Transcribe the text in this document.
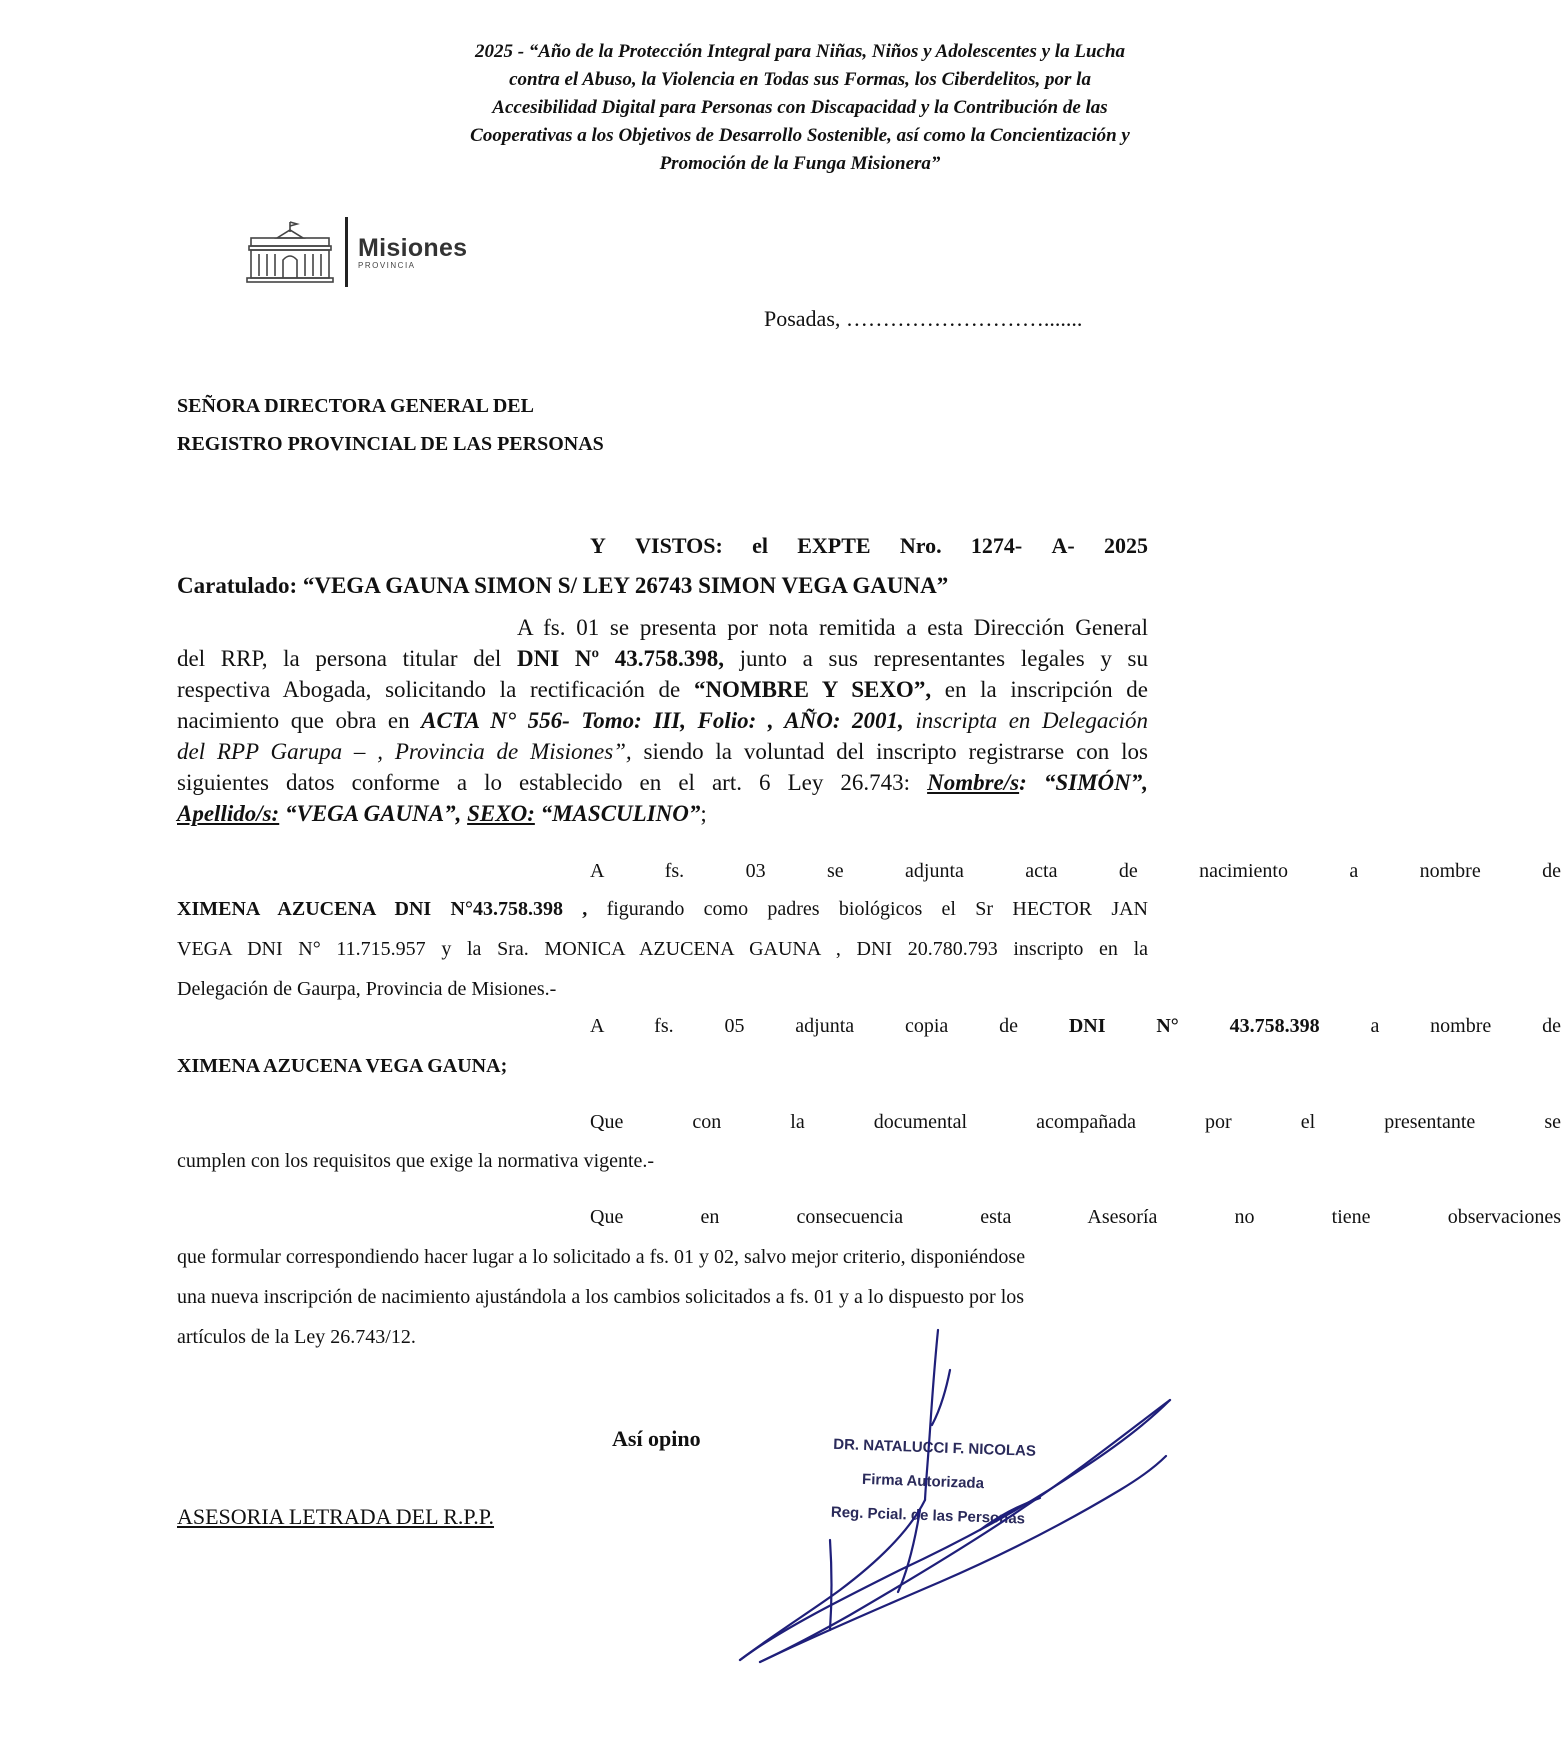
2025 - “Año de la Protección Integral para Niñas, Niños y Adolescentes y la Lucha
contra el Abuso, la Violencia en Todas sus Formas, los Ciberdelitos, por la
Accesibilidad Digital para Personas con Discapacidad y la Contribución de las
Cooperativas a los Objetivos de Desarrollo Sostenible, así como la Concientización y
Promoción de la Funga Misionera”
Misiones
PROVINCIA
Posadas, ……………………….......
SEÑORA DIRECTORA GENERAL DEL
REGISTRO PROVINCIAL DE LAS PERSONAS
Y VISTOS: el EXPTE Nro. 1274- A- 2025
Caratulado: “VEGA GAUNA SIMON S/ LEY 26743 SIMON VEGA GAUNA”
A fs. 01 se presenta por nota remitida a esta Dirección General
del RRP, la persona titular del DNI Nº 43.758.398, junto a sus representantes legales y su
respectiva Abogada, solicitando la rectificación de “NOMBRE Y SEXO”, en la inscripción de
nacimiento que obra en ACTA N° 556- Tomo: III, Folio: , AÑO: 2001, inscripta en Delegación
del RPP Garupa – , Provincia de Misiones”, siendo la voluntad del inscripto registrarse con los
siguientes datos conforme a lo establecido en el art. 6 Ley 26.743: Nombre/s: “SIMÓN”,
Apellido/s: “VEGA GAUNA”, SEXO: “MASCULINO”;
A fs. 03 se adjunta acta de nacimiento a nombre de
XIMENA AZUCENA DNI N°43.758.398 , figurando como padres biológicos el Sr HECTOR JAN
VEGA DNI N° 11.715.957 y la Sra. MONICA AZUCENA GAUNA , DNI 20.780.793 inscripto en la
Delegación de Gaurpa, Provincia de Misiones.-
A fs. 05 adjunta copia de DNI N° 43.758.398 a nombre de
XIMENA AZUCENA VEGA GAUNA;
Que con la documental acompañada por el presentante se
cumplen con los requisitos que exige la normativa vigente.-
Que en consecuencia esta Asesoría no tiene observaciones
que formular correspondiendo hacer lugar a lo solicitado a fs. 01 y 02, salvo mejor criterio, disponiéndose
una nueva inscripción de nacimiento ajustándola a los cambios solicitados a fs. 01 y a lo dispuesto por los
artículos de la Ley 26.743/12.
Así opino
ASESORIA LETRADA DEL R.P.P.
DR. NATALUCCI F. NICOLAS
Firma Autorizada
Reg. Pcial. de las Personas
